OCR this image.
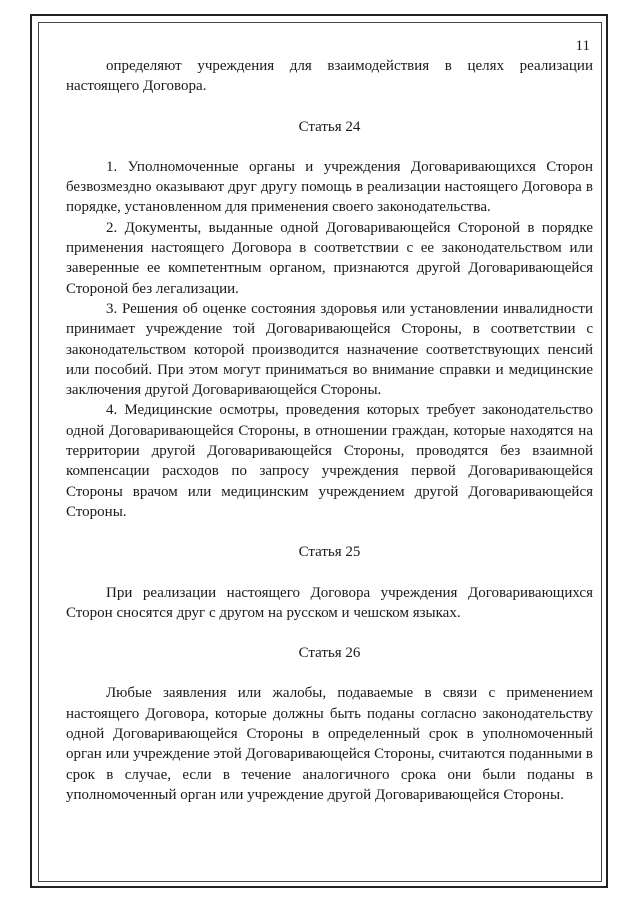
11

определяют учреждения для взаимодействия в целях реализации настоящего Договора.

Статья 24

1. Уполномоченные органы и учреждения Договаривающихся Сторон безвозмездно оказывают друг другу помощь в реализации настоящего Договора в порядке, установленном для применения своего законодательства.

2. Документы, выданные одной Договаривающейся Стороной в порядке применения настоящего Договора в соответствии с ее законодательством или заверенные ее компетентным органом, признаются другой Договаривающейся Стороной без легализации.

3. Решения об оценке состояния здоровья или установлении инвалидности принимает учреждение той Договаривающейся Стороны, в соответствии с законодательством которой производится назначение соответствующих пенсий или пособий. При этом могут приниматься во внимание справки и медицинские заключения другой Договаривающейся Стороны.

4. Медицинские осмотры, проведения которых требует законодательство одной Договаривающейся Стороны, в отношении граждан, которые находятся на территории другой Договаривающейся Стороны, проводятся без взаимной компенсации расходов по запросу учреждения первой Договаривающейся Стороны врачом или медицинским учреждением другой Договаривающейся Стороны.

Статья 25

При реализации настоящего Договора учреждения Договаривающихся Сторон сносятся друг с другом на русском и чешском языках.

Статья 26

Любые заявления или жалобы, подаваемые в связи с применением настоящего Договора, которые должны быть поданы согласно законодательству одной Договаривающейся Стороны в определенный срок в уполномоченный орган или учреждение этой Договаривающейся Стороны, считаются поданными в срок в случае, если в течение аналогичного срока они были поданы в уполномоченный орган или учреждение другой Договаривающейся Стороны.
